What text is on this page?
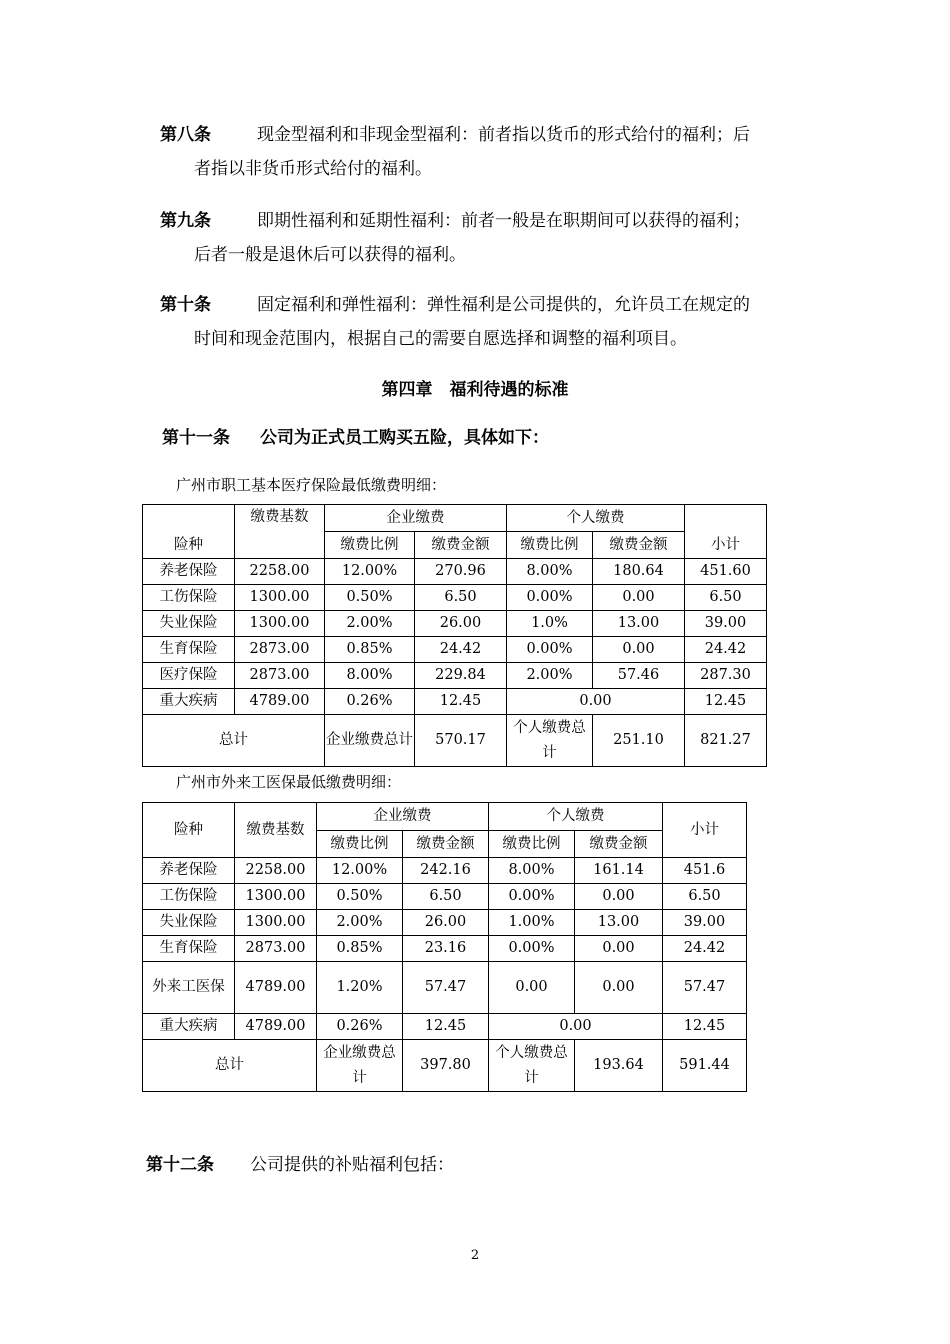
第八条	现金型福利和非现金型福利：前者指以货币的形式给付的福利；后
者指以非货币形式给付的福利。
第九条	即期性福利和延期性福利：前者一般是在职期间可以获得的福利；
后者一般是退休后可以获得的福利。
第十条	固定福利和弹性福利：弹性福利是公司提供的，允许员工在规定的
时间和现金范围内，根据自己的需要自愿选择和调整的福利项目。
第四章　福利待遇的标准
第十一条 公司为正式员工购买五险，具体如下：
广州市职工基本医疗保险最低缴费明细：
险种	缴费基数	企业缴费		个人缴费		小计
		缴费比例	缴费金额	缴费比例	缴费金额	
养老保险	2258.00	12.00%	270.96	8.00%	180.64	451.60
工伤保险	1300.00	0.50%	6.50	0.00%	0.00	6.50
失业保险	1300.00	2.00%	26.00	1.0%	13.00	39.00
生育保险	2873.00	0.85%	24.42	0.00%	0.00	24.42
医疗保险	2873.00	8.00%	229.84	2.00%	57.46	287.30
重大疾病	4789.00	0.26%	12.45	0.00		12.45
总计		企业缴费总计	570.17	个人缴费总计	251.10	821.27
广州市外来工医保最低缴费明细：
险种	缴费基数	企业缴费		个人缴费		小计
		缴费比例	缴费金额	缴费比例	缴费金额	
养老保险	2258.00	12.00%	242.16	8.00%	161.14	451.6
工伤保险	1300.00	0.50%	6.50	0.00%	0.00	6.50
失业保险	1300.00	2.00%	26.00	1.00%	13.00	39.00
生育保险	2873.00	0.85%	23.16	0.00%	0.00	24.42
外来工医保	4789.00	1.20%	57.47	0.00	0.00	57.47
重大疾病	4789.00	0.26%	12.45	0.00		12.45
总计		企业缴费总计	397.80	个人缴费总计	193.64	591.44
第十二条 公司提供的补贴福利包括：
2
